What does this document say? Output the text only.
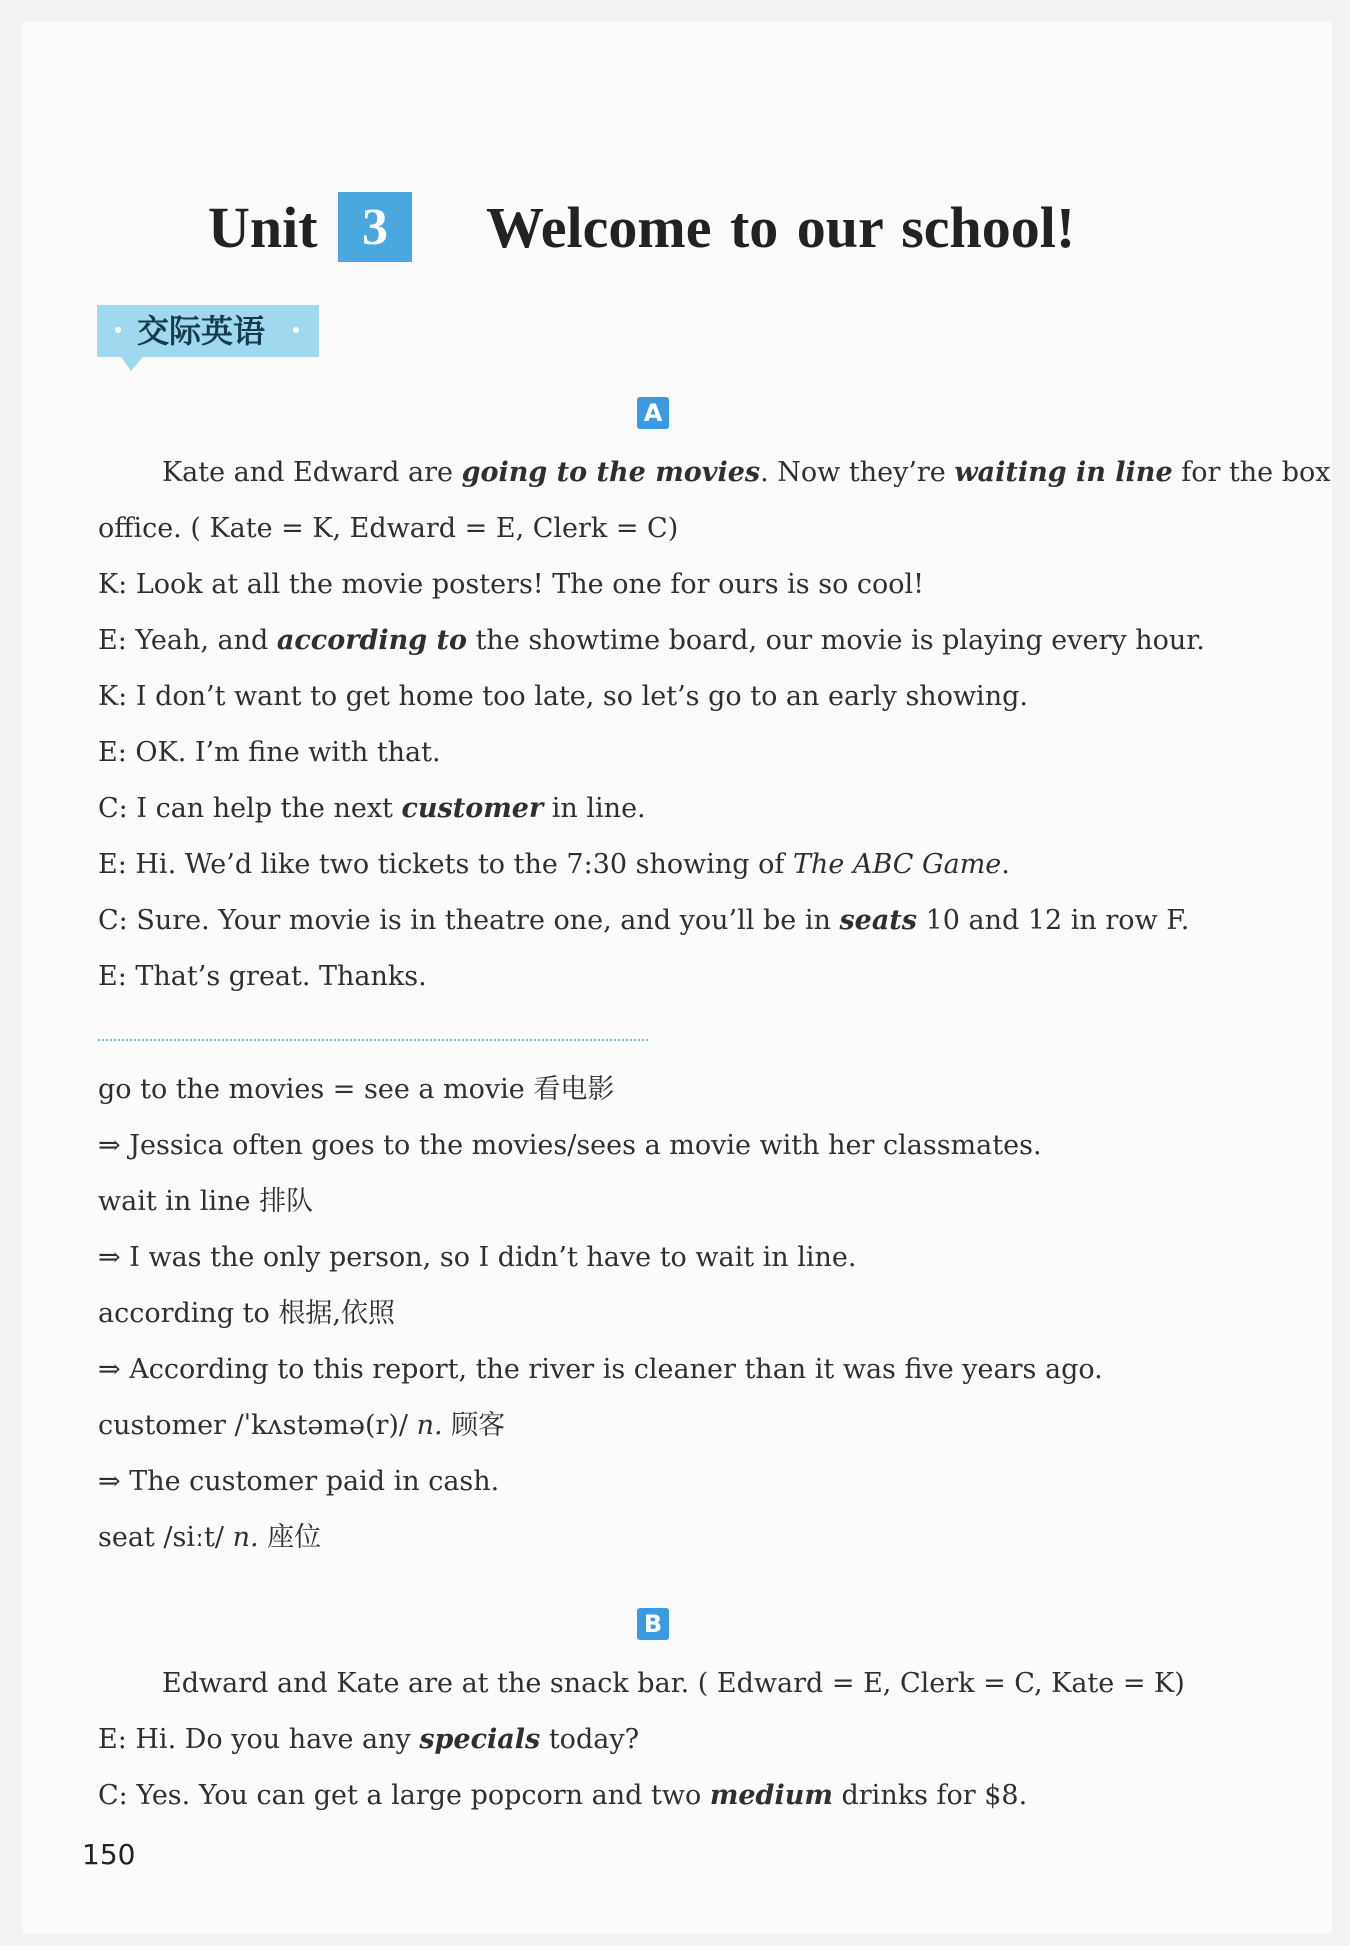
Unit 3	Welcome to our school!
交际英语
A
Kate and Edward are going to the movies. Now they’re waiting in line for the box
office. ( Kate = K, Edward = E, Clerk = C)
K: Look at all the movie posters! The one for ours is so cool!
E: Yeah, and according to the showtime board, our movie is playing every hour.
K: I don’t want to get home too late, so let’s go to an early showing.
E: OK. I’m fine with that.
C: I can help the next customer in line.
E: Hi. We’d like two tickets to the 7:30 showing of The ABC Game.
C: Sure. Your movie is in theatre one, and you’ll be in seats 10 and 12 in row F.
E: That’s great. Thanks.
go to the movies = see a movie 看电影
⇒ Jessica often goes to the movies/sees a movie with her classmates.
wait in line 排队
⇒ I was the only person, so I didn’t have to wait in line.
according to 根据,依照
⇒ According to this report, the river is cleaner than it was five years ago.
customer /ˈkʌstəmə(r)/ n. 顾客
⇒ The customer paid in cash.
seat /siːt/ n. 座位
B
Edward and Kate are at the snack bar. ( Edward = E, Clerk = C, Kate = K)
E: Hi. Do you have any specials today?
C: Yes. You can get a large popcorn and two medium drinks for $8.
150
